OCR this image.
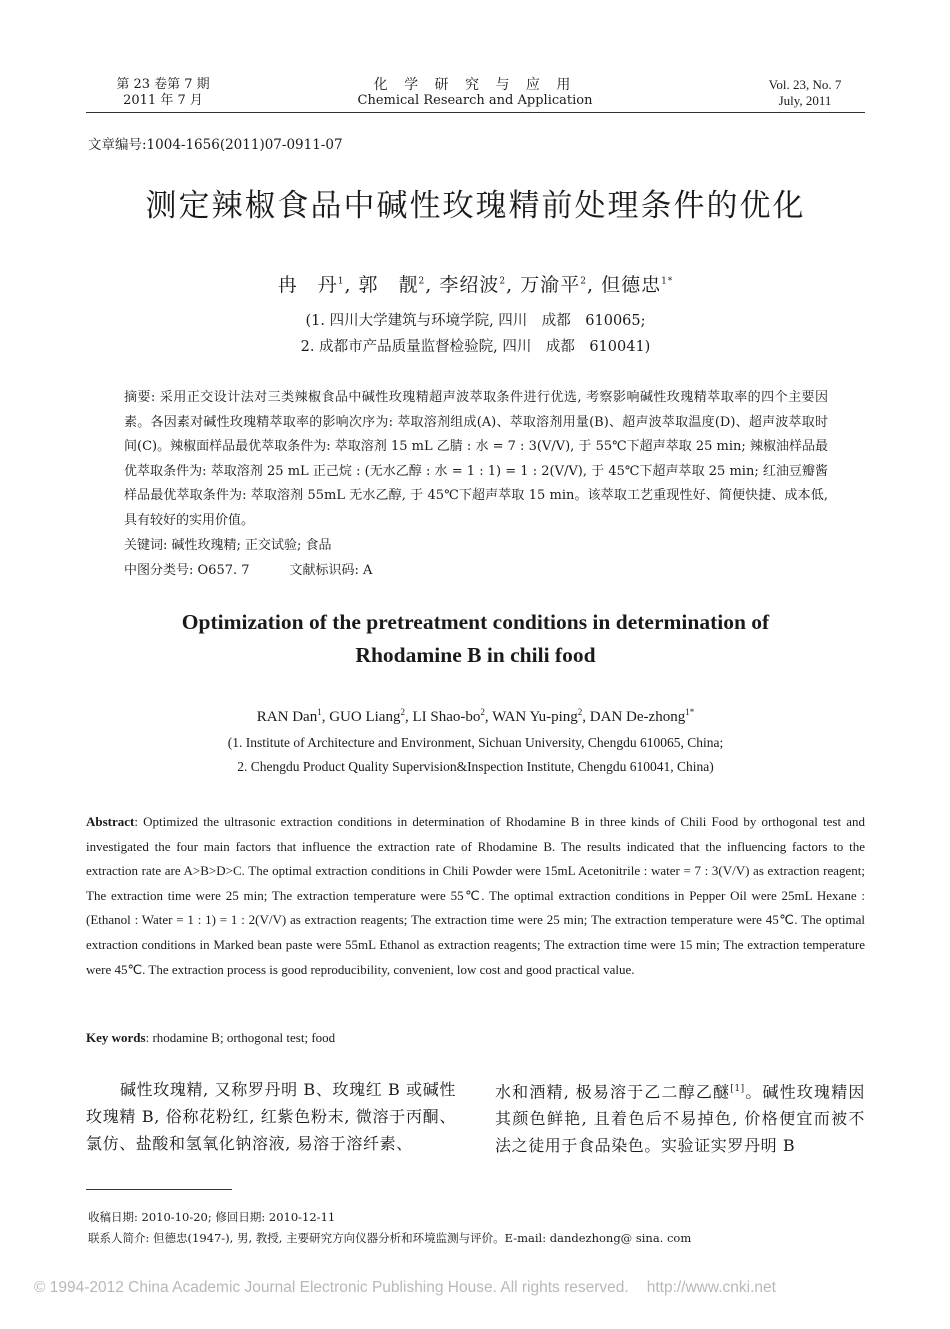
第 23 卷第 7 期
2011 年 7 月
化 学 研 究 与 应 用
Chemical Research and Application
Vol. 23, No. 7
July, 2011
文章编号:1004-1656(2011)07-0911-07
测定辣椒食品中碱性玫瑰精前处理条件的优化
冉　丹$^1$, 郭　靓$^2$, 李绍波$^2$, 万渝平$^2$, 但德忠$^{1*}$
(1. 四川大学建筑与环境学院, 四川　成都　610065;
2. 成都市产品质量监督检验院, 四川　成都　610041)
摘要: 采用正交设计法对三类辣椒食品中碱性玫瑰精超声波萃取条件进行优选, 考察影响碱性玫瑰精萃取率的四个主要因素。各因素对碱性玫瑰精萃取率的影响次序为: 萃取溶剂组成(A)、萃取溶剂用量(B)、超声波萃取温度(D)、超声波萃取时间(C)。辣椒面样品最优萃取条件为: 萃取溶剂 15 mL 乙腈 : 水 = 7 : 3(V/V), 于 55℃下超声萃取 25 min; 辣椒油样品最优萃取条件为: 萃取溶剂 25 mL 正己烷 : (无水乙醇 : 水 = 1 : 1) = 1 : 2(V/V), 于 45℃下超声萃取 25 min; 红油豆瓣酱样品最优萃取条件为: 萃取溶剂 55mL 无水乙醇, 于 45℃下超声萃取 15 min。该萃取工艺重现性好、简便快捷、成本低, 具有较好的实用价值。
关键词: 碱性玫瑰精; 正交试验; 食品
中图分类号: O657. 7	文献标识码: A
Optimization of the pretreatment conditions in determination of
Rhodamine B in chili food
RAN Dan$^1$, GUO Liang$^2$, LI Shao-$bo^2$, WAN Yu-ping$^2$, DAN De-zhong$^{1*}$
(1. Institute of Architecture and Environment, Sichuan University, Chengdu 610065, China;
2. Chengdu Product Quality Supervision&Inspection Institute, Chengdu 610041, China)
Abstract: Optimized the ultrasonic extraction conditions in determination of Rhodamine B in three kinds of Chili Food by orthogonal test and investigated the four main factors that influence the extraction rate of Rhodamine B. The results indicated that the influencing factors to the extraction rate are A>B>D>C. The optimal extraction conditions in Chili Powder were 15mL Acetonitrile : water = 7 : 3(V/V) as extraction reagent; The extraction time were 25 min; The extraction temperature were 55℃. The optimal extraction conditions in Pepper Oil were 25mL Hexane : (Ethanol : Water = 1 : 1) = 1 : 2(V/V) as extraction reagents; The extraction time were 25 min; The extraction temperature were 45℃. The optimal extraction conditions in Marked bean paste were 55mL Ethanol as extraction reagents; The extraction time were 15 min; The extraction temperature were 45℃. The extraction process is good reproducibility, convenient, low cost and good practical value.
Key words: rhodamine B; orthogonal test; food
碱性玫瑰精, 又称罗丹明 B、玫瑰红 B 或碱性玫瑰精 B, 俗称花粉红, 红紫色粉末, 微溶于丙酮、氯仿、盐酸和氢氧化钠溶液, 易溶于溶纤素、
水和酒精, 极易溶于乙二醇乙醚[1]。碱性玫瑰精因其颜色鲜艳, 且着色后不易掉色, 价格便宜而被不法之徒用于食品染色。实验证实罗丹明 B
收稿日期: 2010-10-20; 修回日期: 2010-12-11
联系人简介: 但德忠(1947-), 男, 教授, 主要研究方向仪器分析和环境监测与评价。E-mail: dandezhong@ sina. com
© 1994-2012 China Academic Journal Electronic Publishing House. All rights reserved. http://www.cnki.net
